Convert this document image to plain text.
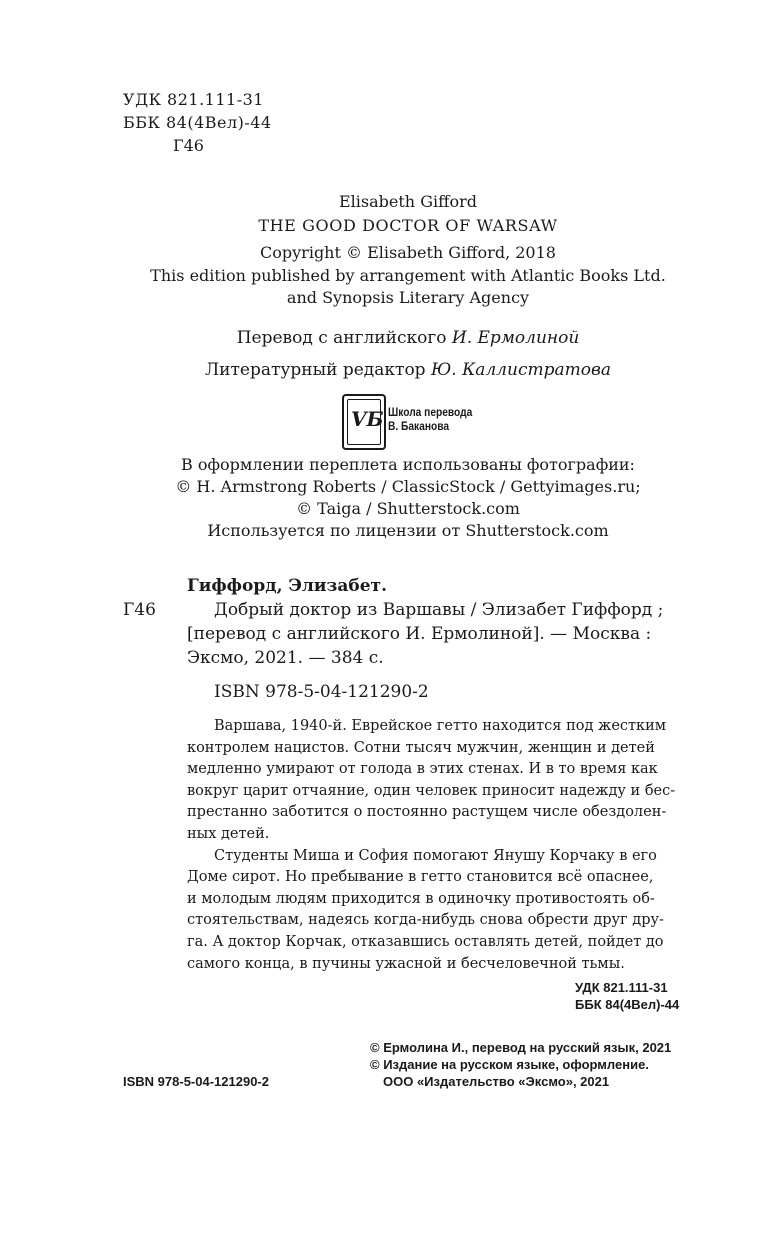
УДК 821.111-31
ББК 84(4Вел)-44
Г46
Elisabeth Gifford
THE GOOD DOCTOR OF WARSAW
Copyright © Elisabeth Gifford, 2018
This edition published by arrangement with Atlantic Books Ltd.
and Synopsis Literary Agency
Перевод с английского И. Ермолиной
Литературный редактор Ю. Каллистратова
VБ Школа перевода
В. Баканова
В оформлении переплета использованы фотографии:
© H. Armstrong Roberts / ClassicStock / Gettyimages.ru;
© Taiga / Shutterstock.com
Используется по лицензии от Shutterstock.com
Гиффорд, Элизабет.
Г46	Добрый доктор из Варшавы / Элизабет Гиффорд ;
[перевод с английского И. Ермолиной]. — Москва :
Эксмо, 2021. — 384 с.
ISBN 978-5-04-121290-2

Варшава, 1940-й. Еврейское гетто находится под жестким

контролем нацистов. Сотни тысяч мужчин, женщин и детей

медленно умирают от голода в этих стенах. И в то время как

вокруг царит отчаяние, один человек приносит надежду и бес-

престанно заботится о постоянно растущем числе обездолен-

ных детей.

Студенты Миша и София помогают Янушу Корчаку в его

Доме сирот. Но пребывание в гетто становится всё опаснее,

и молодым людям приходится в одиночку противостоять об-

стоятельствам, надеясь когда-нибудь снова обрести друг дру-

га. А доктор Корчак, отказавшись оставлять детей, пойдет до

самого конца, в пучины ужасной и бесчеловечной тьмы.

УДК 821.111-31
ББК 84(4Вел)-44
© Ермолина И., перевод на русский язык, 2021
© Издание на русском языке, оформление.
ООО «Издательство «Эксмо», 2021
ISBN 978-5-04-121290-2
